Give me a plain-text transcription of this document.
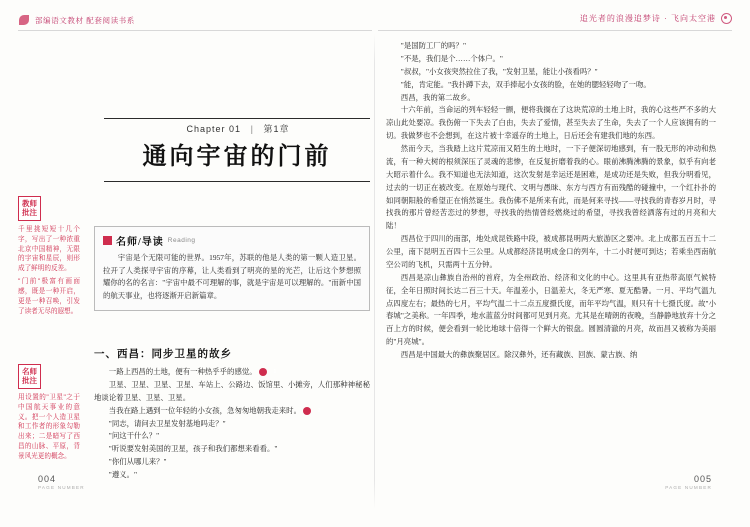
部编语文教材 配套阅读书系	追光者的浪漫追梦诗 · 飞向太空港
Chapter 01 | 第1章
通向宇宙的门前
教师
批注

千里挑短短十几个字，写出了一种浓重北京中国精神，无限的宇宙和星辰，则形成了鲜明的反差。

"门前"极富有画面感，既是一种开启，更是一种召唤，引发了读者无尽的遐想。

名师
批注

用设置的"卫星"之于中国航天事业的意义。把一个人造卫星和工作者的形象勾勒出来；二是暗写了西昌的山脉、平原，背景风光更的概念。

名师/导读 Reading

宇宙是个无限可能的世界。1957年，苏联的他是人类的第一颗人造卫星。拉开了人类探寻宇宙的序幕，让人类看到了明亮的星的光芒，让后这个梦想照耀你的名的名言："宇宙中最不可理解的事，就是宇宙是可以理解的。"而新中国的航天事业，也将逐渐开启新篇章。

一、西昌：同步卫星的故乡

一路上西昌的土地，便有一种热乎乎的感觉。	1

卫星、卫星、卫星、卫星、车站上、公路边、饭馆里、小摊旁，人们那种神秘秘地谈论着卫星、卫星、卫星。

当我在路上遇到一位年轻的小女孩，急匆匆地朝我走来时。	2

"同志，请问去卫星发射基地吗走？"

"问这干什么？"

"听说要发射美国的卫星，孩子和我们都想来看看。"

"你们从哪儿来？"

"遵义。"

004
PAGE NUMBER

"是国防工厂的吗？"

"不是，我们是个……个体户。"

"叔叔，"小女孩突然拉住了我，"发射卫星，能让小孩看吗？"

"能，肯定能。"我扑蹲下去，双手捧起小女孩的脸，在她的腮轻轻吻了一吻。

西昌，我的第二故乡。

十六年前，当命运的列车轻轻一颤，便将我搁在了这块荒凉的土地上时，我的心这些严不多的大凉山此处要凉。我伤俯一下失去了白由，失去了爱情，甚至失去了生命，失去了一个人应该拥有的一切。我做梦也不会想到，在这片被十幸遥存的土地上，日后还会有建我们地的东西。

然而今天，当我踏上这片荒凉而又陌生的土地时，一下子便深切地感到，有一股无形的冲动和热流，有一种大树的根须深压了灵魂的悲惨，在反复折磨着我的心。眼前沸腾沸腾的景象，似乎有向老大昭示着什么。我不知道也无法知道，这次发射是幸运还是困难，是成功还是失败，但我分明看见，过去的一切正在被改变。在原始与现代、文明与愚昧、东方与西方有而残酷的碰撞中，一个红扑扑的如同朝阳般的希望正在悄然诞生。我伤佛不是所来有此，而是何来寻找——寻找我的青春岁月时，寻找我的那片曾经苦恋过的梦想，寻找我的热情曾经燃烧过的希望，寻找我曾经洒落有过的月亮和大陆！

西昌位于四川的南部，地处成昆铁路中段，被成都昆明两大旅游区之要冲。北上成都五百五十二公里，南下昆明五百四十三公里。从成都经济昆明成金口的列车，十二小时便可到达；若乘坐西南航空公司的飞机，只需两十五分钟。

西昌是凉山彝族自治州的首府，为全州政治、经济和文化的中心。这里具有亚热带高原气候特征，全年日照时间长达二百三十天。年温差小，日温差大，冬无严寒、夏无酷暑。一月、平均气温九点四度左右；最热的七月，平均气温二十二点五度摄氏度，而年平均气温，则只有十七摄氏度。故"小春城"之美称。一年四季，地水蓝蓝分时间都可见到月亮。尤其是在晴朗的夜晚，当静静地放弃十分之百上方的时候，便会看到一轮比地球十倍得一个鲜大的银盘。圆圆清澈的月亮，故而昌又被称为美丽的"月亮城"。

西昌是中国最大的彝族聚居区。除汉彝外，还有藏族、回族、蒙古族、纳

005
PAGE NUMBER
